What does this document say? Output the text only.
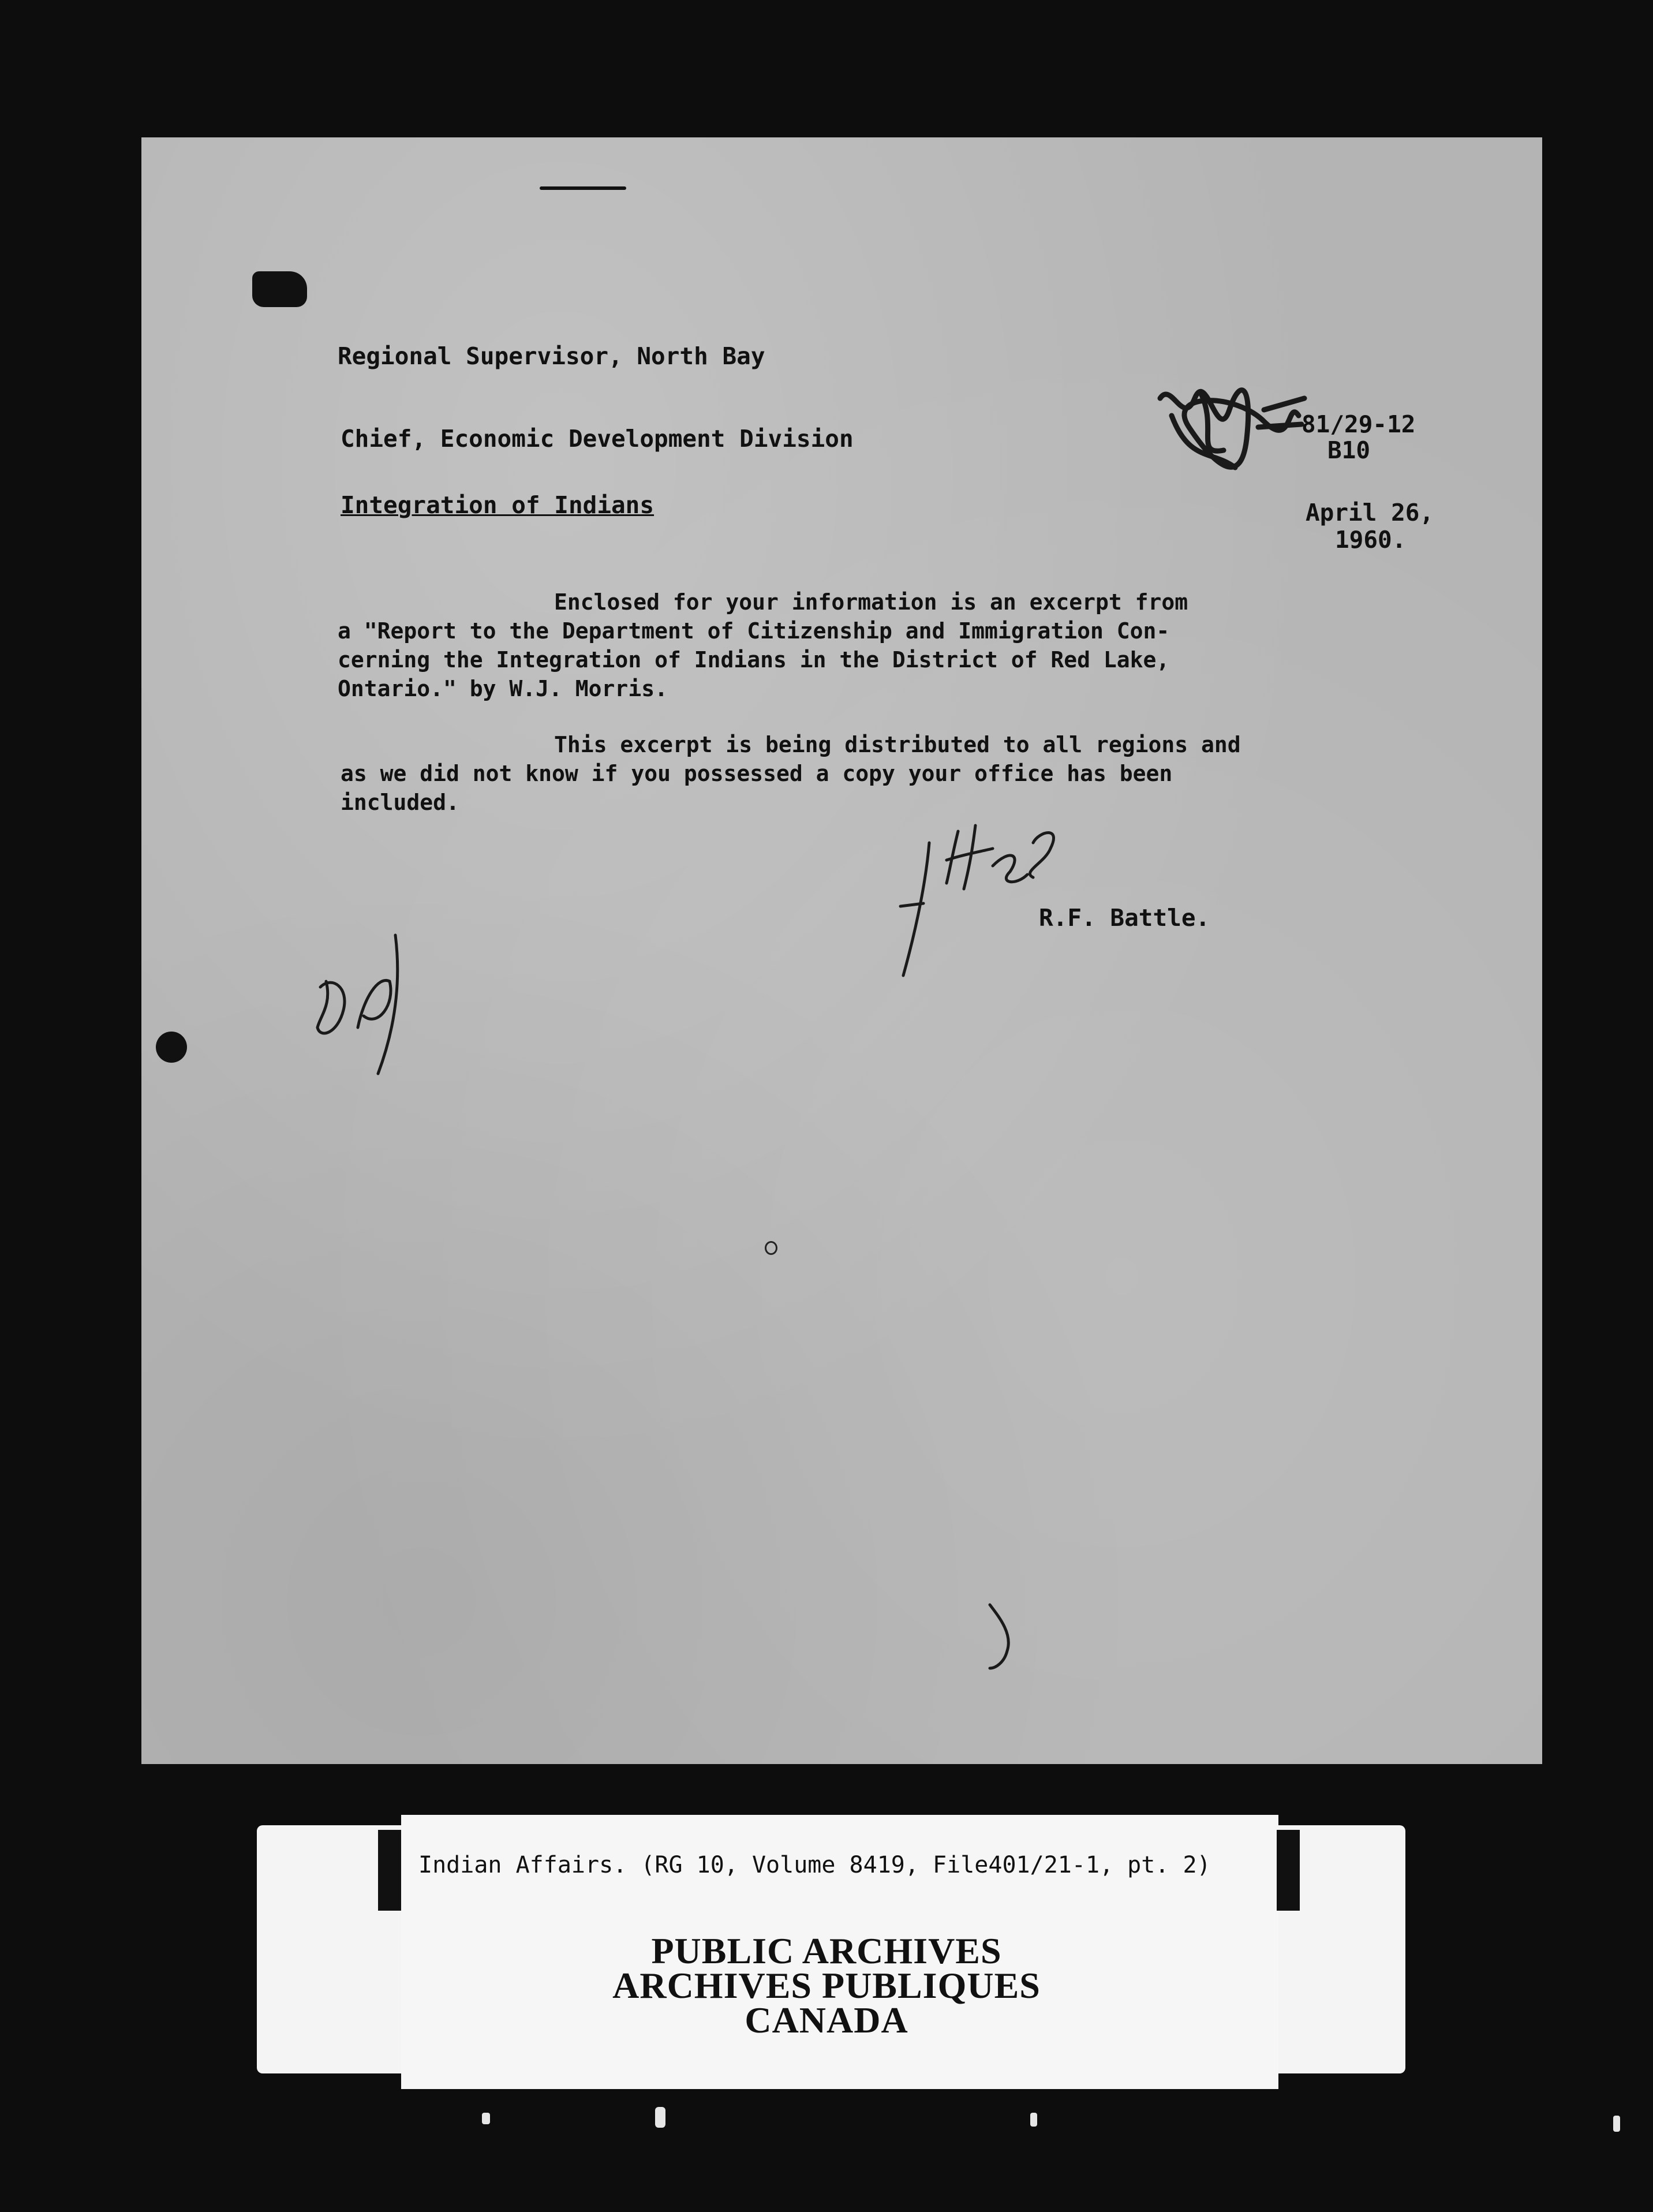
Regional Supervisor, North Bay
Chief, Economic Development Division
Integration of Indians
81/29-12
B10
April 26,
1960.
Enclosed for your information is an excerpt from
a "Report to the Department of Citizenship and Immigration Con-
cerning the Integration of Indians in the District of Red Lake,
Ontario." by W.J. Morris.
This excerpt is being distributed to all regions and
as we did not know if you possessed a copy your office has been
included.
R.F. Battle.
Indian Affairs. (RG 10, Volume 8419, File401/21-1, pt. 2)
PUBLIC ARCHIVES
ARCHIVES PUBLIQUES
CANADA
